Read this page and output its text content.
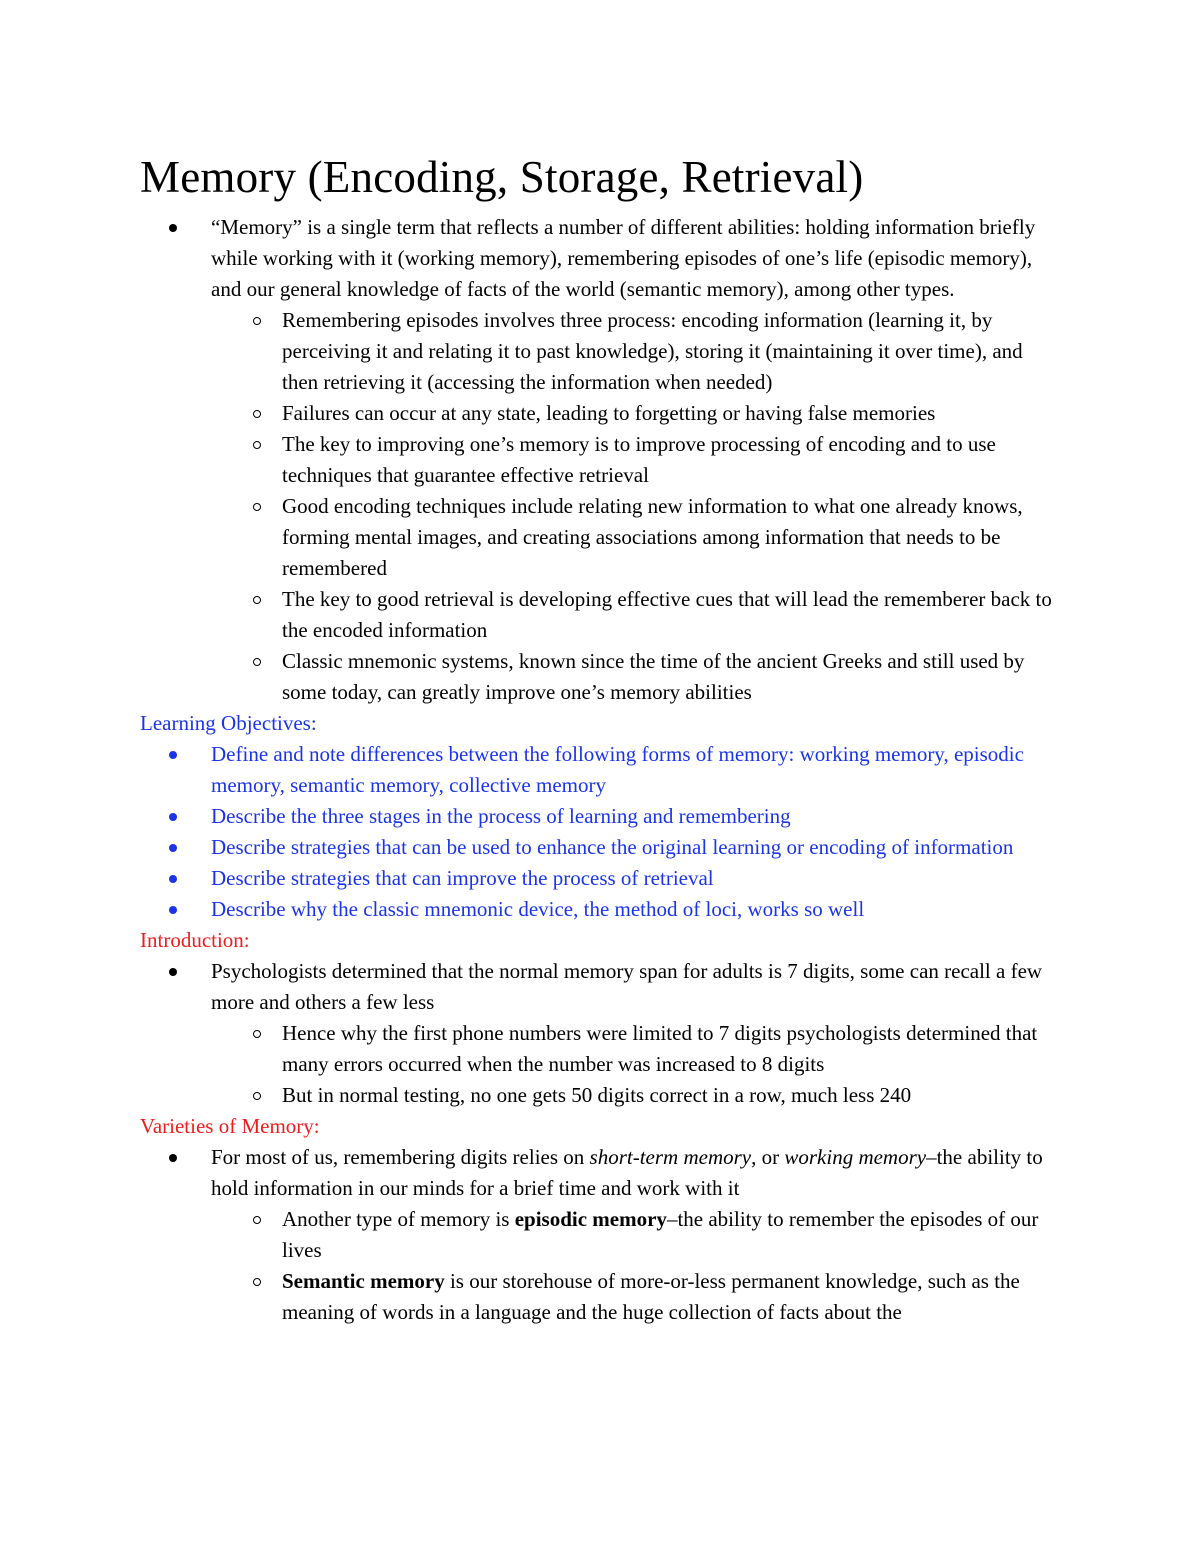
Memory (Encoding, Storage, Retrieval)
“Memory” is a single term that reflects a number of different abilities: holding information briefly while working with it (working memory), remembering episodes of one’s life (episodic memory), and our general knowledge of facts of the world (semantic memory), among other types.
Remembering episodes involves three process: encoding information (learning it, by perceiving it and relating it to past knowledge), storing it (maintaining it over time), and then retrieving it (accessing the information when needed)
Failures can occur at any state, leading to forgetting or having false memories
The key to improving one’s memory is to improve processing of encoding and to use techniques that guarantee effective retrieval
Good encoding techniques include relating new information to what one already knows, forming mental images, and creating associations among information that needs to be remembered
The key to good retrieval is developing effective cues that will lead the rememberer back to the encoded information
Classic mnemonic systems, known since the time of the ancient Greeks and still used by some today, can greatly improve one’s memory abilities
Learning Objectives:
Define and note differences between the following forms of memory: working memory, episodic memory, semantic memory, collective memory
Describe the three stages in the process of learning and remembering
Describe strategies that can be used to enhance the original learning or encoding of information
Describe strategies that can improve the process of retrieval
Describe why the classic mnemonic device, the method of loci, works so well
Introduction:
Psychologists determined that the normal memory span for adults is 7 digits, some can recall a few more and others a few less
Hence why the first phone numbers were limited to 7 digits psychologists determined that many errors occurred when the number was increased to 8 digits
But in normal testing, no one gets 50 digits correct in a row, much less 240
Varieties of Memory:
For most of us, remembering digits relies on short-term memory, or working memory–the ability to hold information in our minds for a brief time and work with it
Another type of memory is episodic memory–the ability to remember the episodes of our lives
Semantic memory is our storehouse of more-or-less permanent knowledge, such as the meaning of words in a language and the huge collection of facts about the
